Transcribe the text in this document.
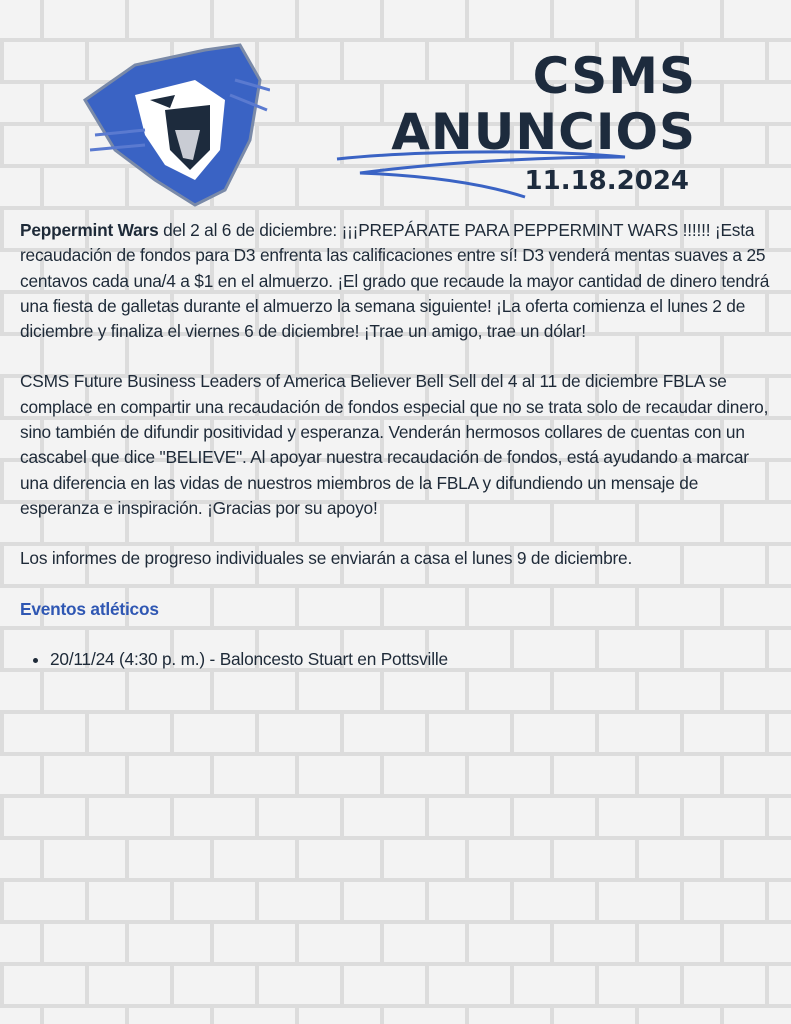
CSMS
ANUNCIOS
11.18.2024

Peppermint Wars del 2 al 6 de diciembre: ¡¡¡PREPÁRATE PARA PEPPERMINT WARS !!!!!! ¡Esta recaudación de fondos para D3 enfrenta las calificaciones entre sí! D3 venderá mentas suaves a 25 centavos cada una/4 a $1 en el almuerzo. ¡El grado que recaude la mayor cantidad de dinero tendrá una fiesta de galletas durante el almuerzo la semana siguiente! ¡La oferta comienza el lunes 2 de diciembre y finaliza el viernes 6 de diciembre! ¡Trae un amigo, trae un dólar!

CSMS Future Business Leaders of America Believer Bell Sell del 4 al 11 de diciembre FBLA se complace en compartir una recaudación de fondos especial que no se trata solo de recaudar dinero, sino también de difundir positividad y esperanza. Venderán hermosos collares de cuentas con un cascabel que dice "BELIEVE". Al apoyar nuestra recaudación de fondos, está ayudando a marcar una diferencia en las vidas de nuestros miembros de la FBLA y difundiendo un mensaje de esperanza e inspiración. ¡Gracias por su apoyo!

Los informes de progreso individuales se enviarán a casa el lunes 9 de diciembre.

Eventos atléticos

• 20/11/24 (4:30 p. m.) - Baloncesto Stuart en Pottsville
